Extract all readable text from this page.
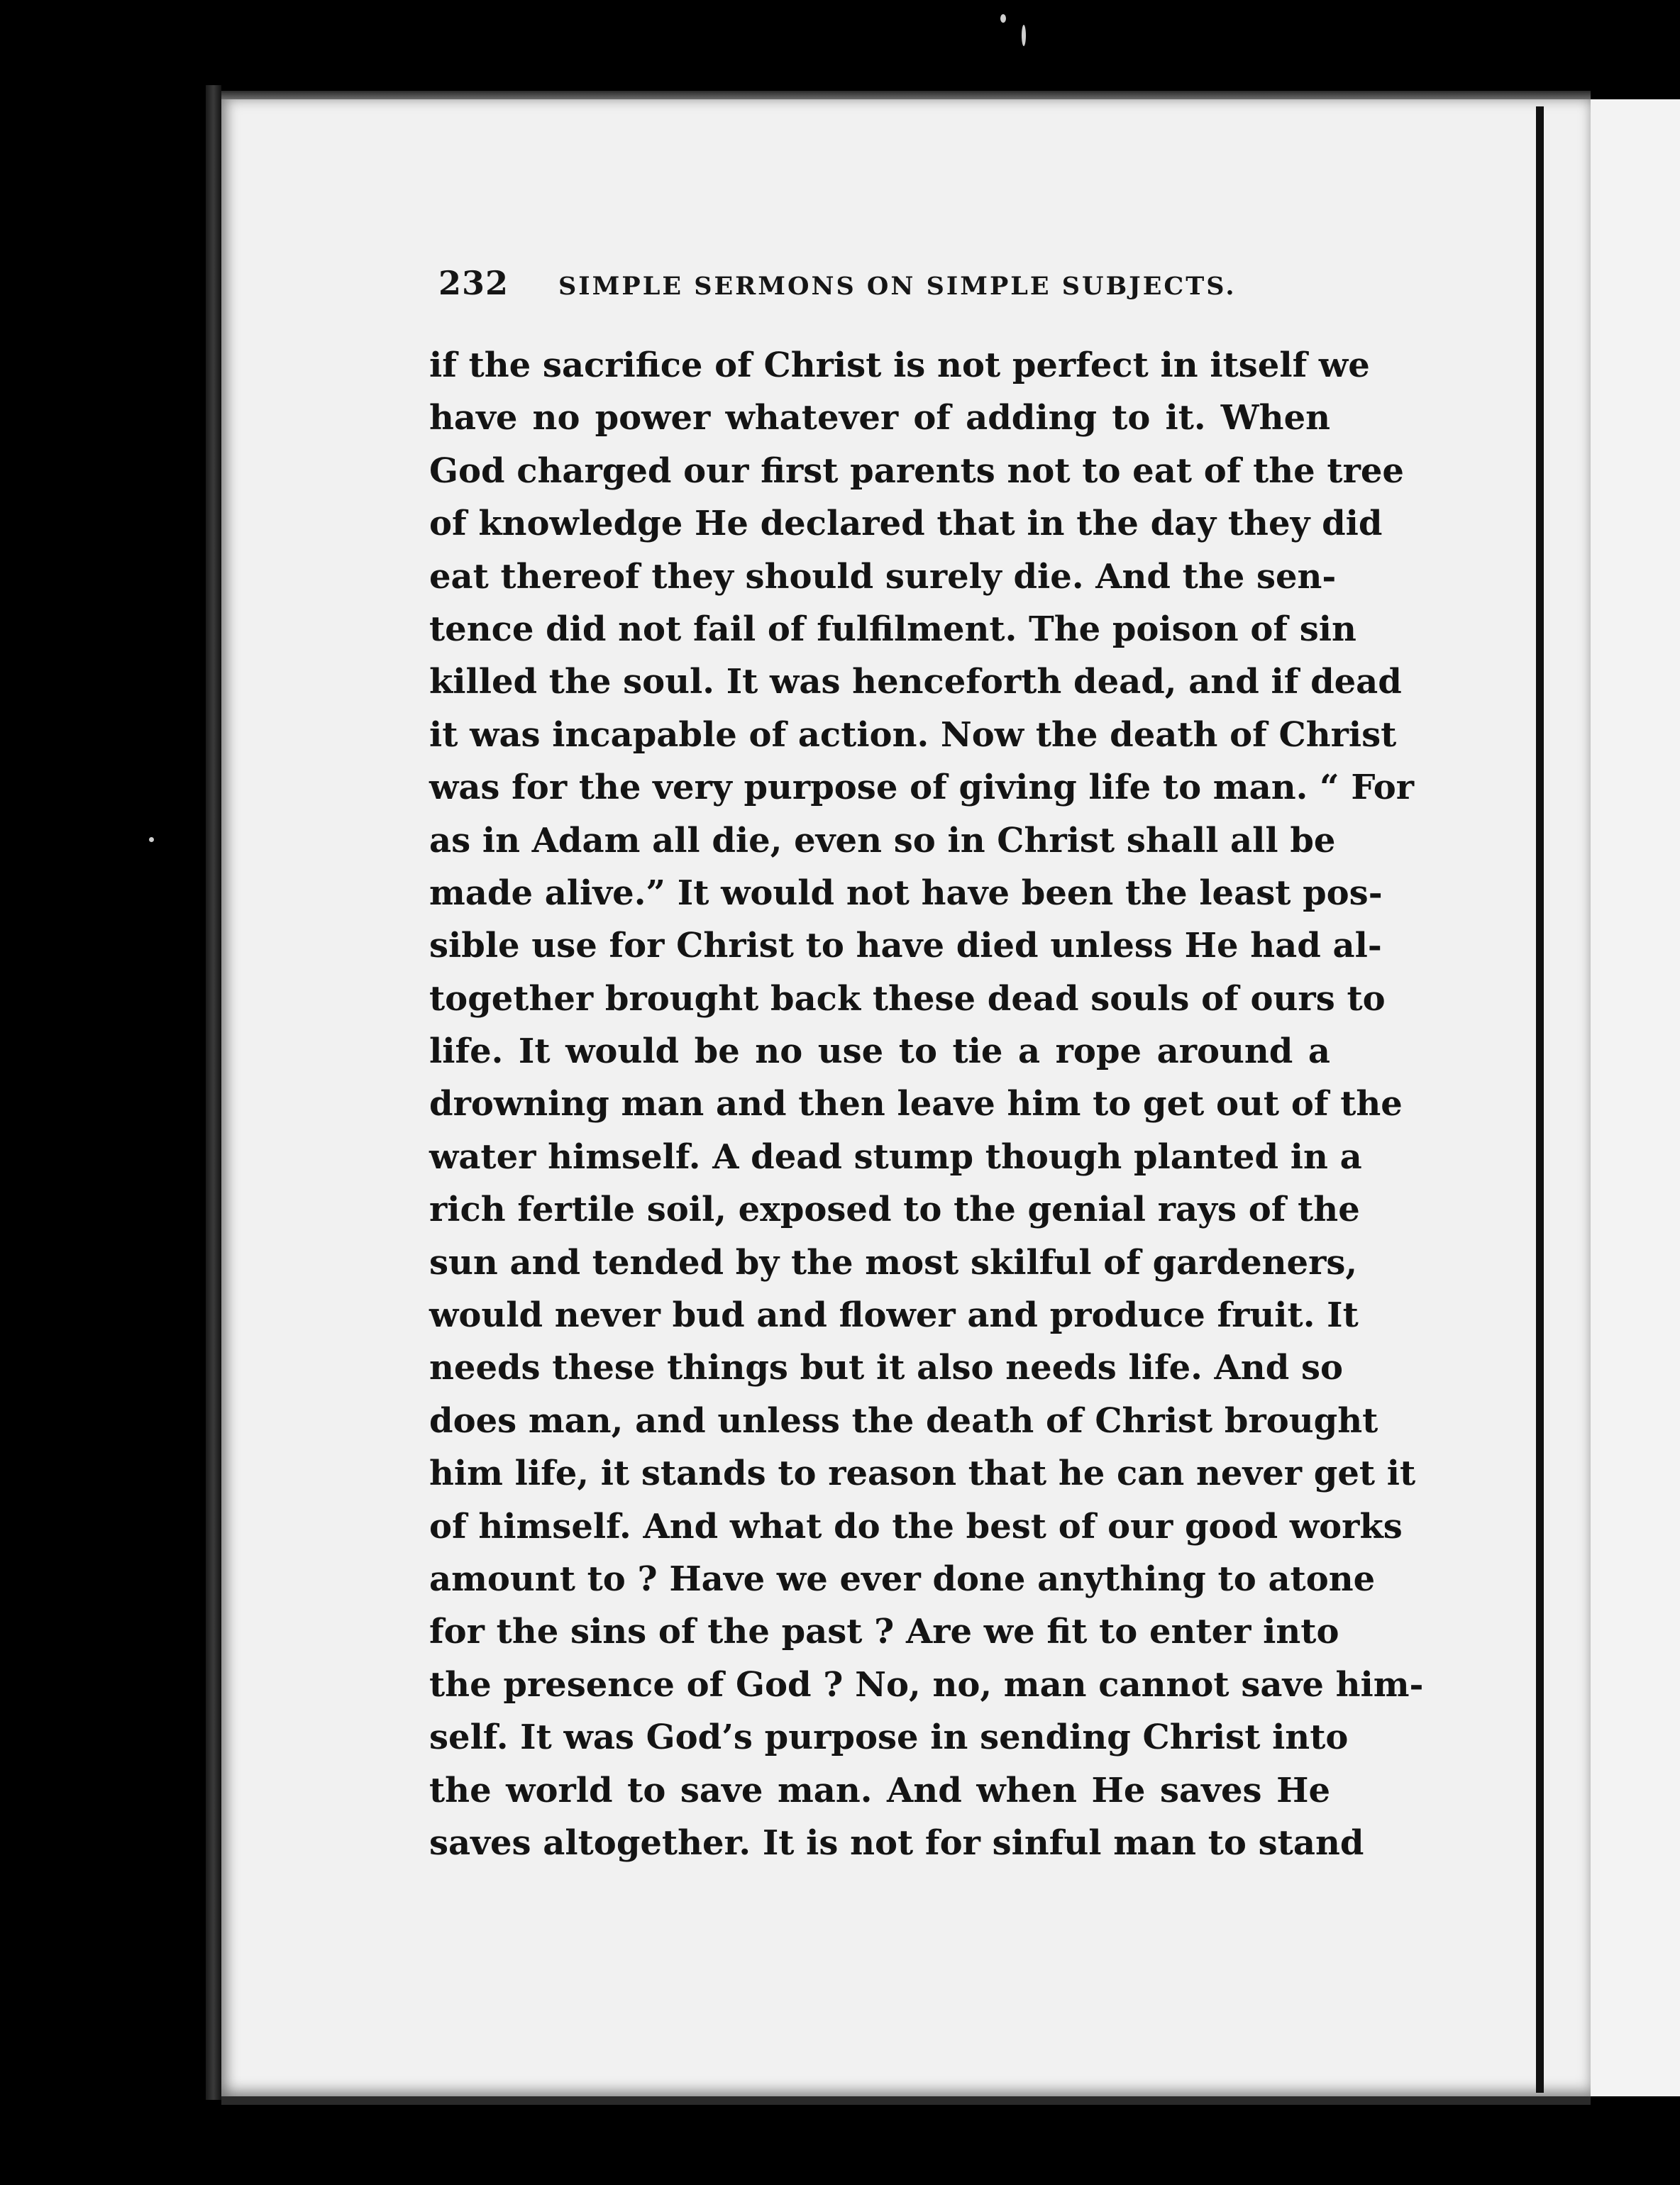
232 SIMPLE SERMONS ON SIMPLE SUBJECTS.
if the sacrifice of Christ is not perfect in itself we
have no power whatever of adding to it. When
God charged our first parents not to eat of the tree
of knowledge He declared that in the day they did
eat thereof they should surely die. And the sen-
tence did not fail of fulfilment. The poison of sin
killed the soul. It was henceforth dead, and if dead
it was incapable of action. Now the death of Christ
was for the very purpose of giving life to man. “ For
as in Adam all die, even so in Christ shall all be
made alive.” It would not have been the least pos-
sible use for Christ to have died unless He had al-
together brought back these dead souls of ours to
life. It would be no use to tie a rope around a
drowning man and then leave him to get out of the
water himself. A dead stump though planted in a
rich fertile soil, exposed to the genial rays of the
sun and tended by the most skilful of gardeners,
would never bud and flower and produce fruit. It
needs these things but it also needs life. And so
does man, and unless the death of Christ brought
him life, it stands to reason that he can never get it
of himself. And what do the best of our good works
amount to ? Have we ever done anything to atone
for the sins of the past ? Are we fit to enter into
the presence of God ? No, no, man cannot save him-
self. It was God’s purpose in sending Christ into
the world to save man. And when He saves He
saves altogether. It is not for sinful man to stand
